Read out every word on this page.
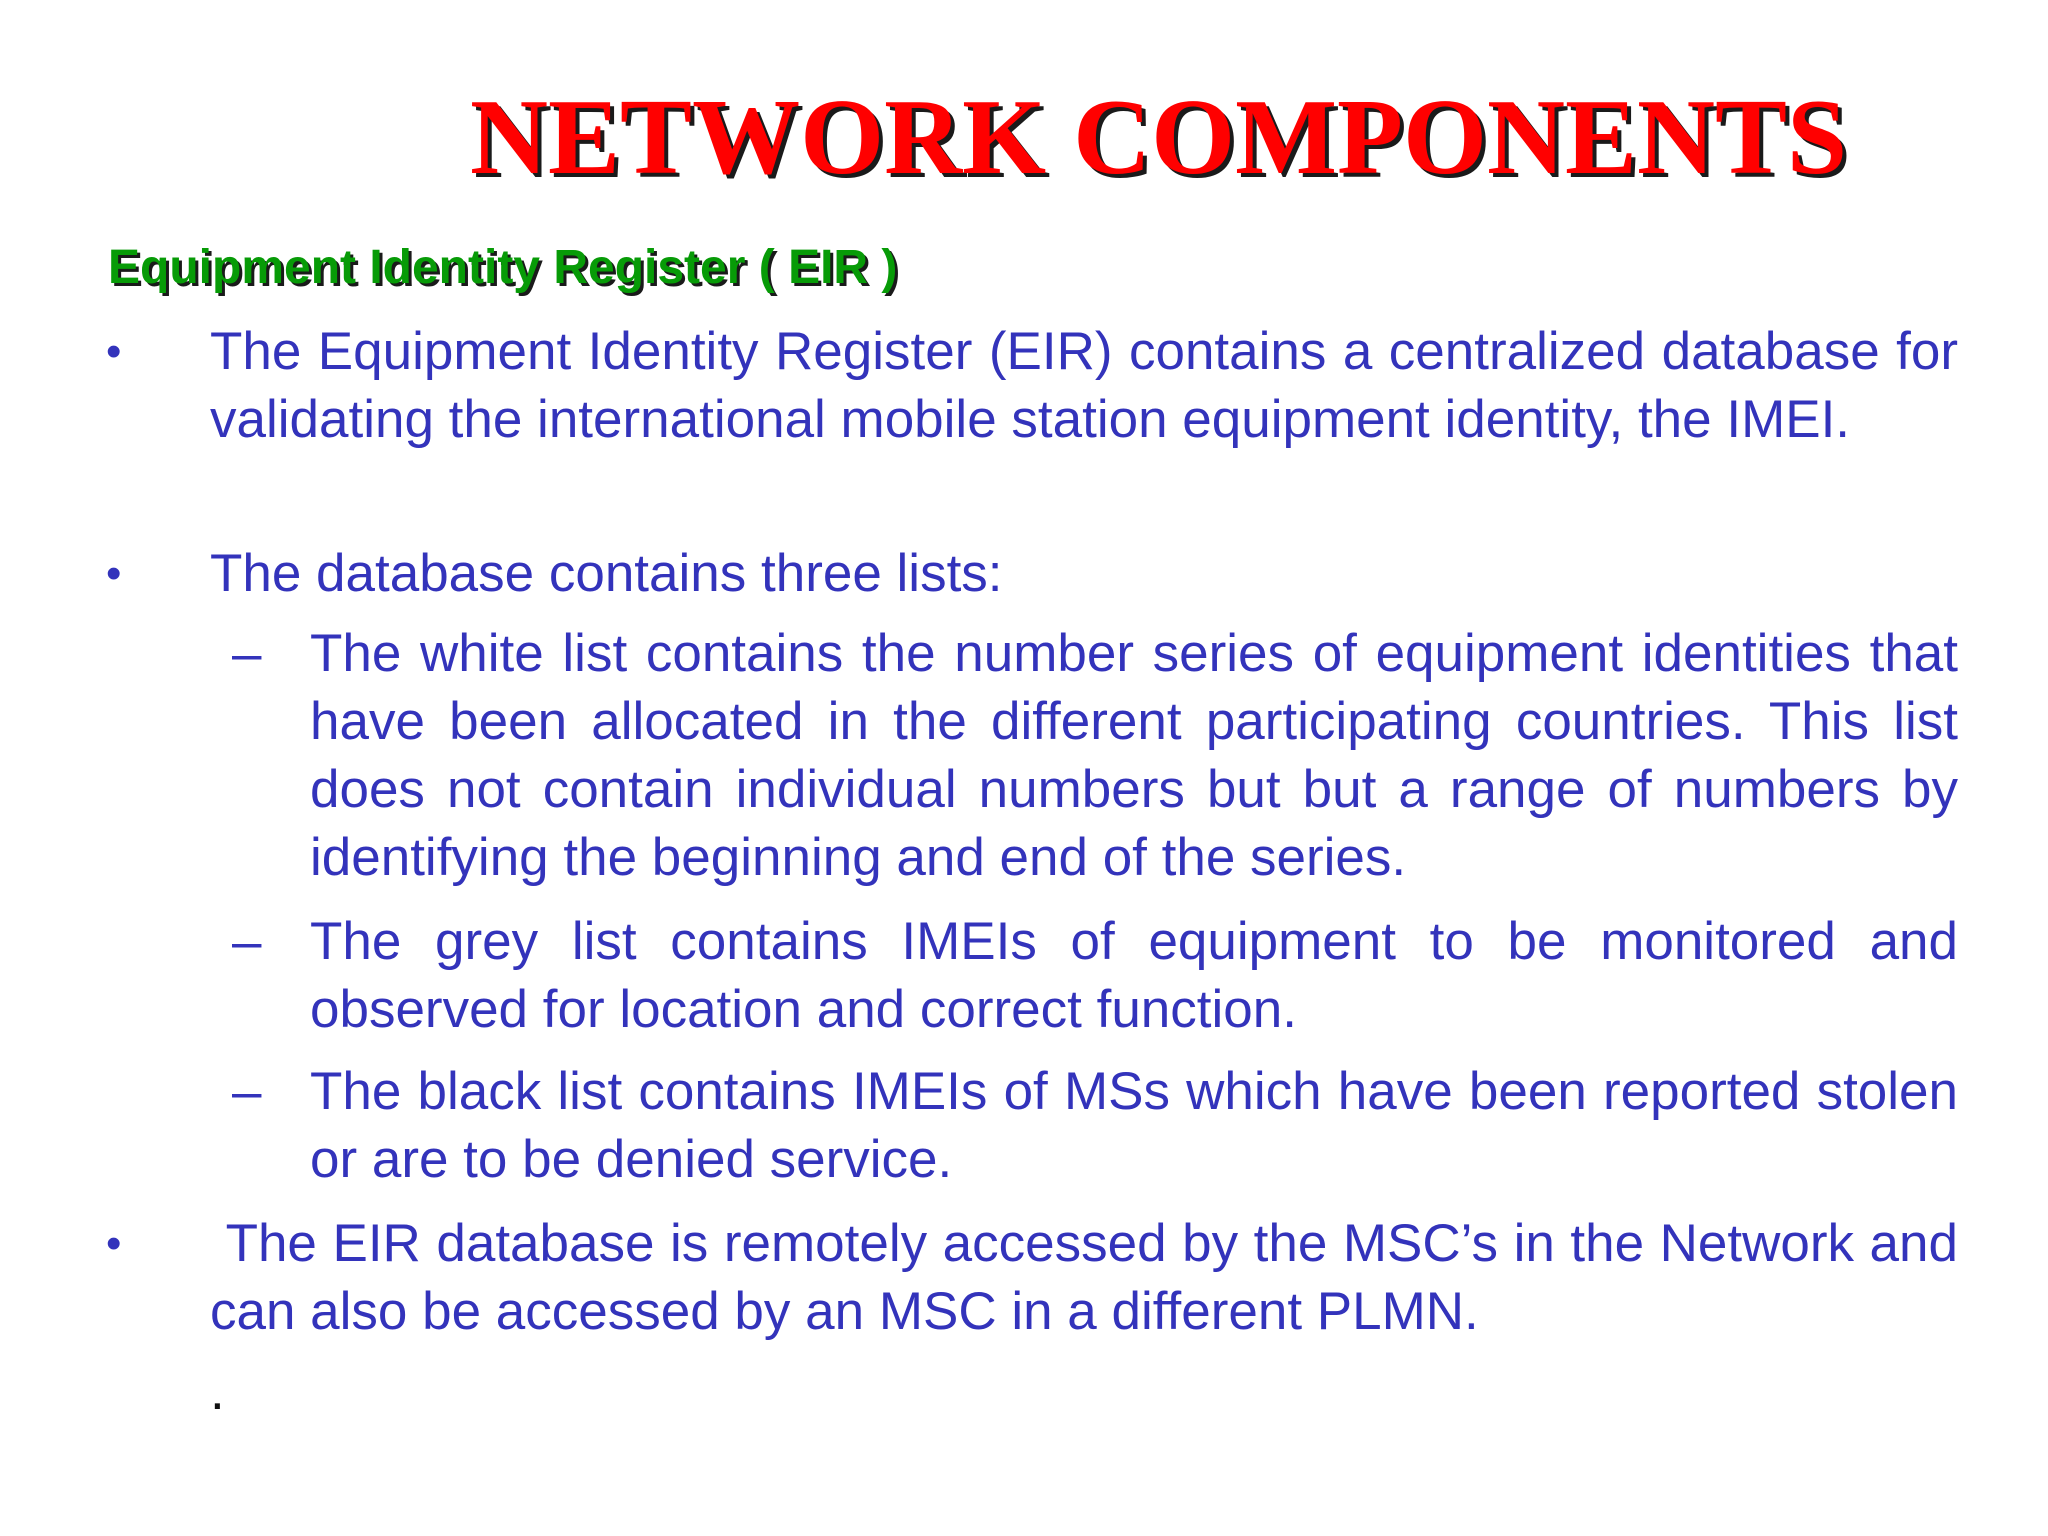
NETWORK COMPONENTS
Equipment Identity Register ( EIR )
•	The Equipment Identity Register (EIR) contains a centralized database for validating the international mobile station equipment identity, the IMEI.

•	The database contains three lists:

– The white list contains the number series of equipment identities that have been allocated in the different participating countries. This list does not contain individual numbers but but a range of numbers by identifying the beginning and end of the series.

– The grey list contains IMEIs of equipment to be monitored and observed for location and correct function.

– The black list contains IMEIs of MSs which have been reported stolen or are to be denied service.

•	The EIR database is remotely accessed by the MSC’s in the Network and can also be accessed by an MSC in a different PLMN.

.
